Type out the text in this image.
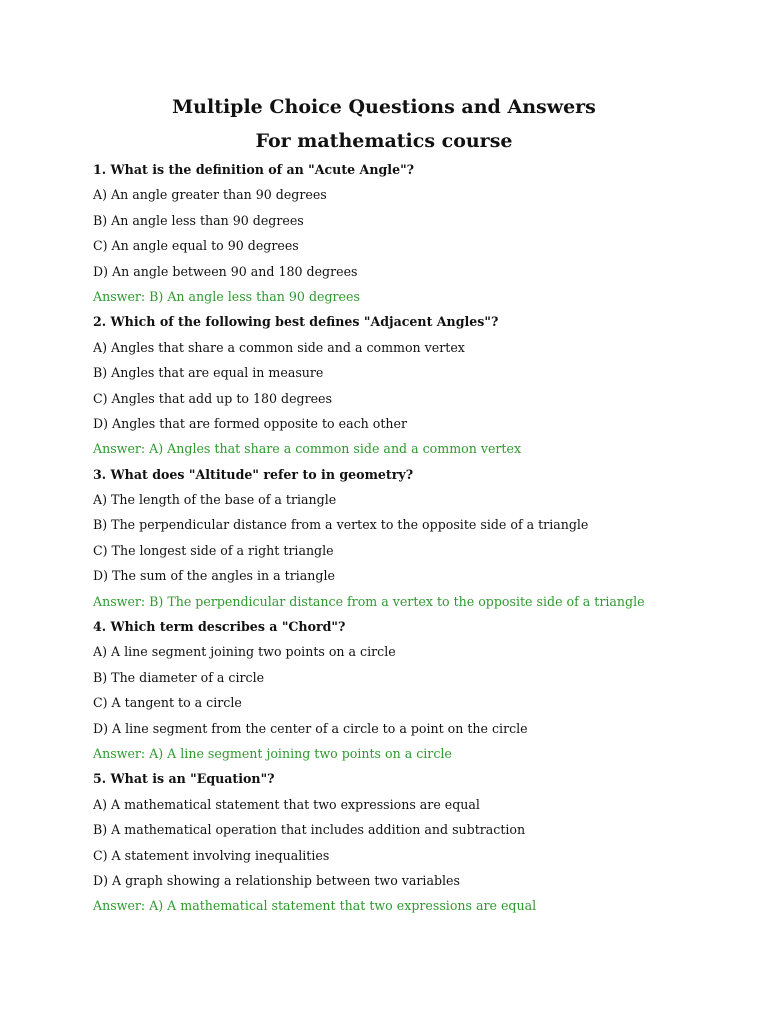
Multiple Choice Questions and Answers
For mathematics course
1. What is the definition of an "Acute Angle"?
A) An angle greater than 90 degrees
B) An angle less than 90 degrees
C) An angle equal to 90 degrees
D) An angle between 90 and 180 degrees
Answer: B) An angle less than 90 degrees
2. Which of the following best defines "Adjacent Angles"?
A) Angles that share a common side and a common vertex
B) Angles that are equal in measure
C) Angles that add up to 180 degrees
D) Angles that are formed opposite to each other
Answer: A) Angles that share a common side and a common vertex
3. What does "Altitude" refer to in geometry?
A) The length of the base of a triangle
B) The perpendicular distance from a vertex to the opposite side of a triangle
C) The longest side of a right triangle
D) The sum of the angles in a triangle
Answer: B) The perpendicular distance from a vertex to the opposite side of a triangle
4. Which term describes a "Chord"?
A) A line segment joining two points on a circle
B) The diameter of a circle
C) A tangent to a circle
D) A line segment from the center of a circle to a point on the circle
Answer: A) A line segment joining two points on a circle
5. What is an "Equation"?
A) A mathematical statement that two expressions are equal
B) A mathematical operation that includes addition and subtraction
C) A statement involving inequalities
D) A graph showing a relationship between two variables
Answer: A) A mathematical statement that two expressions are equal
